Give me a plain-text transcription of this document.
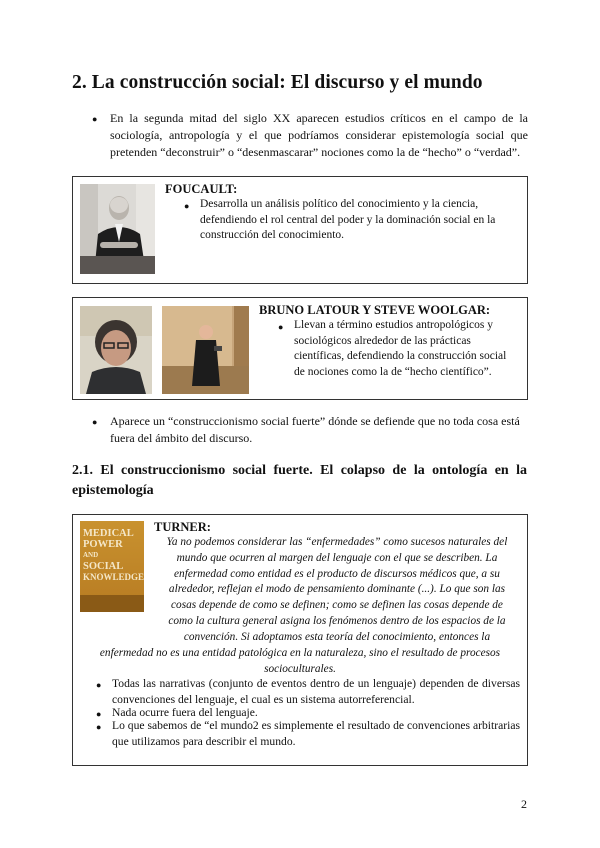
2. La construcción social: El discurso y el mundo
●	En la segunda mitad del siglo XX aparecen estudios críticos en el campo de la sociología, antropología y el que podríamos considerar epistemología social que pretenden “deconstruir” o “desenmascarar” nociones como la de “hecho” o “verdad”.
FOUCAULT:
● Desarrolla un análisis político del conocimiento y la ciencia, defendiendo el rol central del poder y la dominación social en la construcción del conocimiento.
BRUNO LATOUR Y STEVE WOOLGAR:
● Llevan a término estudios antropológicos y sociológicos alrededor de las prácticas científicas, defendiendo la construcción social de nociones como la de “hecho científico”.
●	Aparece un “construccionismo social fuerte” dónde se defiende que no toda cosa está fuera del ámbito del discurso.
2.1. El construccionismo social fuerte. El colapso de la ontología en la epistemología
MEDICAL
POWER
AND
SOCIAL
KNOWLEDGE
TURNER:
Ya no podemos considerar las “enfermedades” como sucesos naturales del
mundo que ocurren al margen del lenguaje con el que se describen. La
enfermedad como entidad es el producto de discursos médicos que, a su
alrededor, reflejan el modo de pensamiento dominante (...). Lo que son las
cosas depende de como se definen; como se definen las cosas depende de
como la cultura general asigna los fenómenos dentro de los espacios de la
convención. Si adoptamos esta teoría del conocimiento, entonces la
enfermedad no es una entidad patológica en la naturaleza, sino el resultado de procesos
socioculturales.
● Todas las narrativas (conjunto de eventos dentro de un lenguaje) dependen de diversas convenciones del lenguaje, el cual es un sistema autorreferencial.
● Nada ocurre fuera del lenguaje.
● Lo que sabemos de “el mundo2 es simplemente el resultado de convenciones arbitrarias que utilizamos para describir el mundo.
2
